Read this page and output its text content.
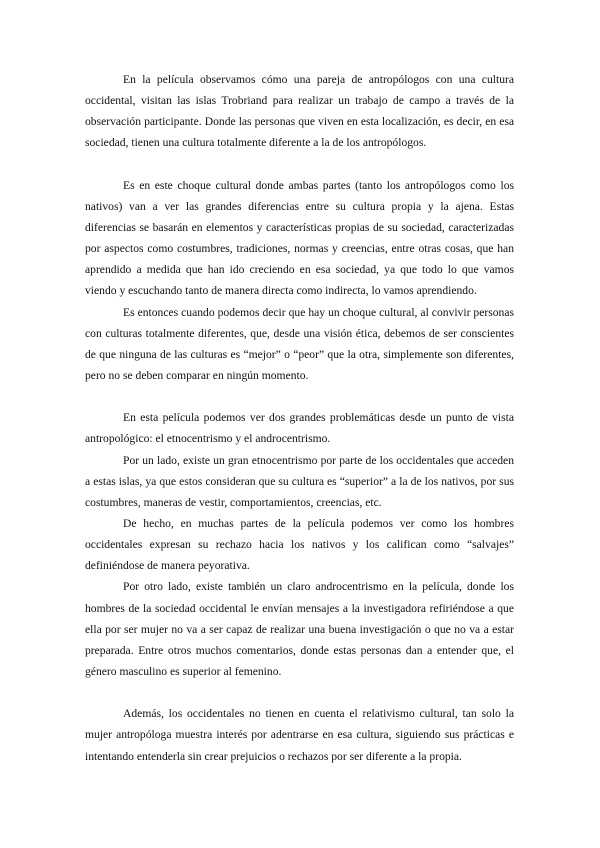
En la película observamos cómo una pareja de antropólogos con una cultura occidental, visitan las islas Trobriand para realizar un trabajo de campo a través de la observación participante. Donde las personas que viven en esta localización, es decir, en esa sociedad, tienen una cultura totalmente diferente a la de los antropólogos.

Es en este choque cultural donde ambas partes (tanto los antropólogos como los nativos) van a ver las grandes diferencias entre su cultura propia y la ajena. Estas diferencias se basarán en elementos y características propias de su sociedad, caracterizadas por aspectos como costumbres, tradiciones, normas y creencias, entre otras cosas, que han aprendido a medida que han ido creciendo en esa sociedad, ya que todo lo que vamos viendo y escuchando tanto de manera directa como indirecta, lo vamos aprendiendo.

Es entonces cuando podemos decir que hay un choque cultural, al convivir personas con culturas totalmente diferentes, que, desde una visión ética, debemos de ser conscientes de que ninguna de las culturas es “mejor” o “peor” que la otra, simplemente son diferentes, pero no se deben comparar en ningún momento.

En esta película podemos ver dos grandes problemáticas desde un punto de vista antropológico: el etnocentrismo y el androcentrismo.

Por un lado, existe un gran etnocentrismo por parte de los occidentales que acceden a estas islas, ya que estos consideran que su cultura es “superior” a la de los nativos, por sus costumbres, maneras de vestir, comportamientos, creencias, etc.

De hecho, en muchas partes de la película podemos ver como los hombres occidentales expresan su rechazo hacia los nativos y los califican como “salvajes” definiéndose de manera peyorativa.

Por otro lado, existe también un claro androcentrismo en la película, donde los hombres de la sociedad occidental le envían mensajes a la investigadora refiriéndose a que ella por ser mujer no va a ser capaz de realizar una buena investigación o que no va a estar preparada. Entre otros muchos comentarios, donde estas personas dan a entender que, el género masculino es superior al femenino.

Además, los occidentales no tienen en cuenta el relativismo cultural, tan solo la mujer antropóloga muestra interés por adentrarse en esa cultura, siguiendo sus prácticas e intentando entenderla sin crear prejuicios o rechazos por ser diferente a la propia.
